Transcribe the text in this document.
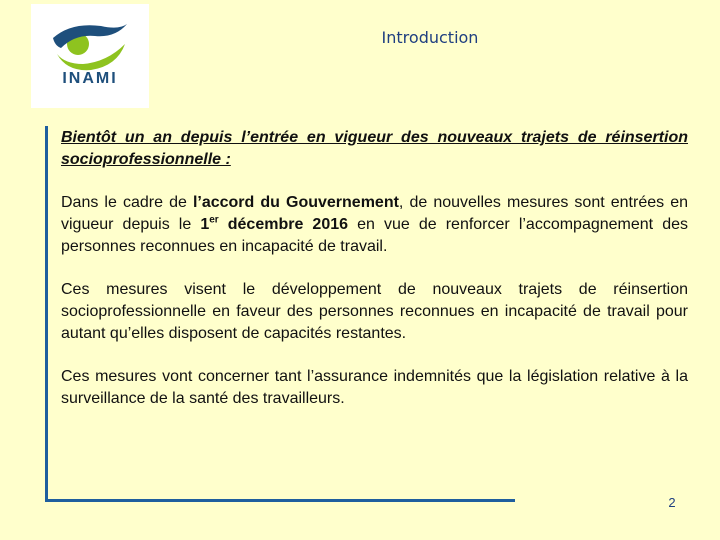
INAMI
Introduction

Bientôt un an depuis l’entrée en vigueur des nouveaux trajets de réinsertion socioprofessionnelle :

Dans le cadre de l’accord du Gouvernement, de nouvelles mesures sont entrées en vigueur depuis le 1er décembre 2016 en vue de renforcer l’accompagnement des personnes reconnues en incapacité de travail.

Ces mesures visent le développement de nouveaux trajets de réinsertion socioprofessionnelle en faveur des personnes reconnues en incapacité de travail pour autant qu’elles disposent de capacités restantes.

Ces mesures vont concerner tant l’assurance indemnités que la législation relative à la surveillance de la santé des travailleurs.

2
